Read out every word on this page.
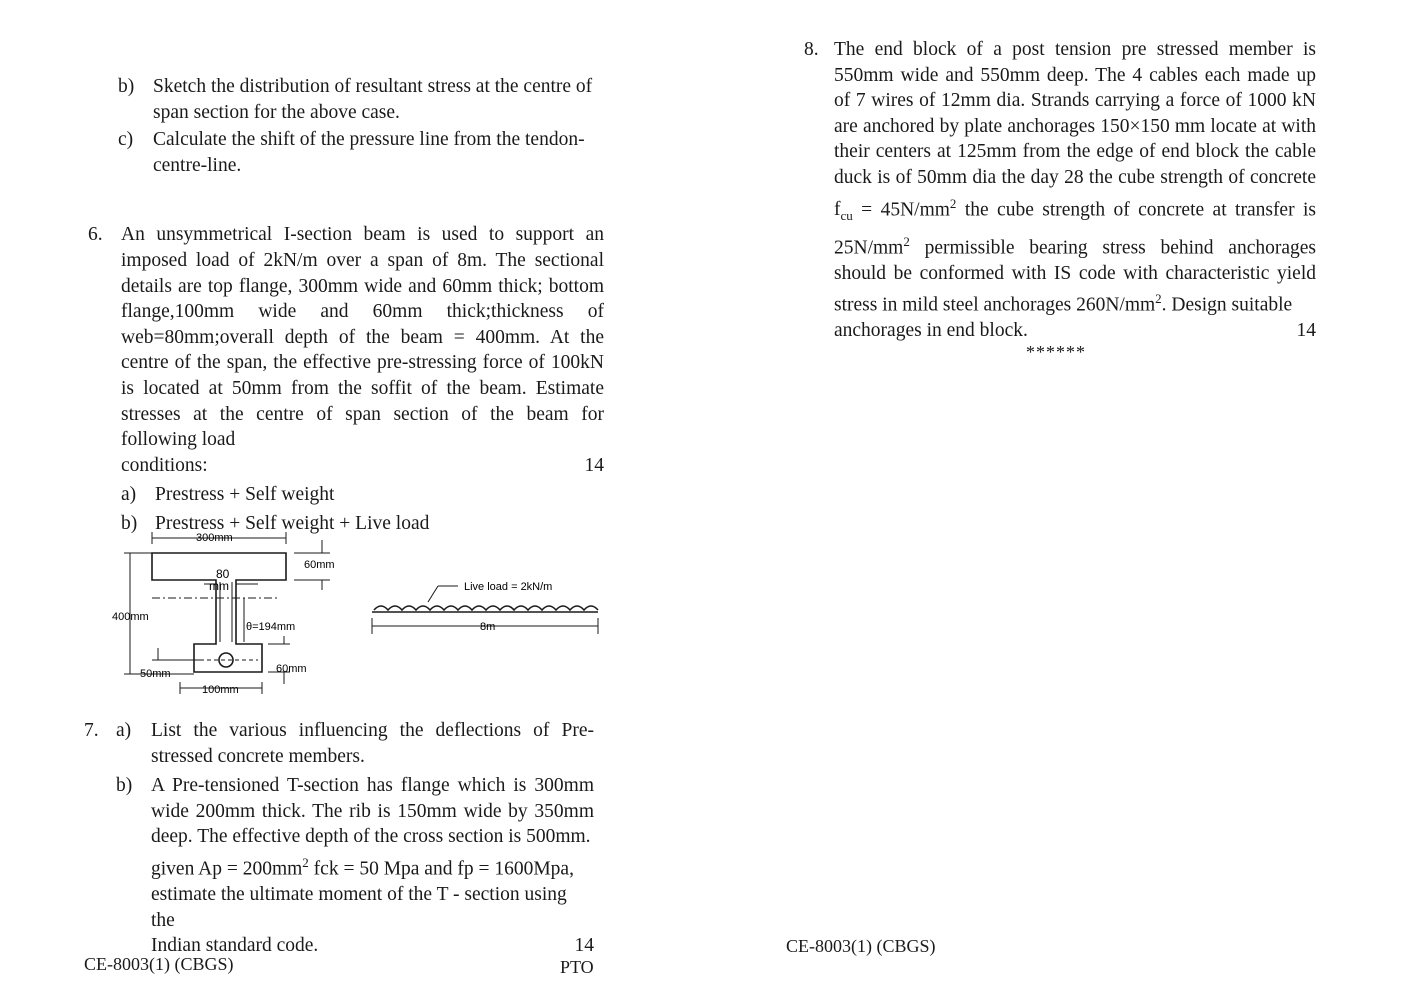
b) Sketch the distribution of resultant stress at the centre of span section for the above case.
c) Calculate the shift of the pressure line from the tendon-centre-line.
6. An unsymmetrical I-section beam is used to support an imposed load of 2kN/m over a span of 8m. The sectional details are top flange, 300mm wide and 60mm thick; bottom flange,100mm wide and 60mm thick;thickness of web=80mm;overall depth of the beam = 400mm. At the centre of the span, the effective pre-stressing force of 100kN is located at 50mm from the soffit of the beam. Estimate stresses at the centre of span section of the beam for following load
conditions:	14
a) Prestress + Self weight
b) Prestress + Self weight + Live load
300mm
60mm
80
mm
400mm
θ=194mm
60mm
50mm
100mm
Live load = 2kN/m
8m
7. a) List the various influencing the deflections of Pre-stressed concrete members.
b) A Pre-tensioned T-section has flange which is 300mm wide 200mm thick. The rib is 150mm wide by 350mm deep. The effective depth of the cross section is 500mm.
given $Ap = 200mm^2$ fck = 50 Mpa and fp = 1600Mpa,
estimate the ultimate moment of the T - section using the
Indian standard code.	14
8. The end block of a post tension pre stressed member is 550mm wide and 550mm deep. The 4 cables each made up of 7 wires of 12mm dia. Strands carrying a force of 1000 kN are anchored by plate anchorages 150×150 mm locate at with their centers at 125mm from the edge of end block the cable duck is of 50mm dia the day 28 the cube strength of concrete $f_{cu} = 45N/mm^2$ the cube strength of concrete at transfer is $25N/mm^2$ permissible bearing stress behind anchorages should be conformed with IS code with characteristic yield stress in mild steel anchorages $260N/mm^2$. Design suitable
anchorages in end block.	14
******
CE-8003(1) (CBGS)	PTO
CE-8003(1) (CBGS)
